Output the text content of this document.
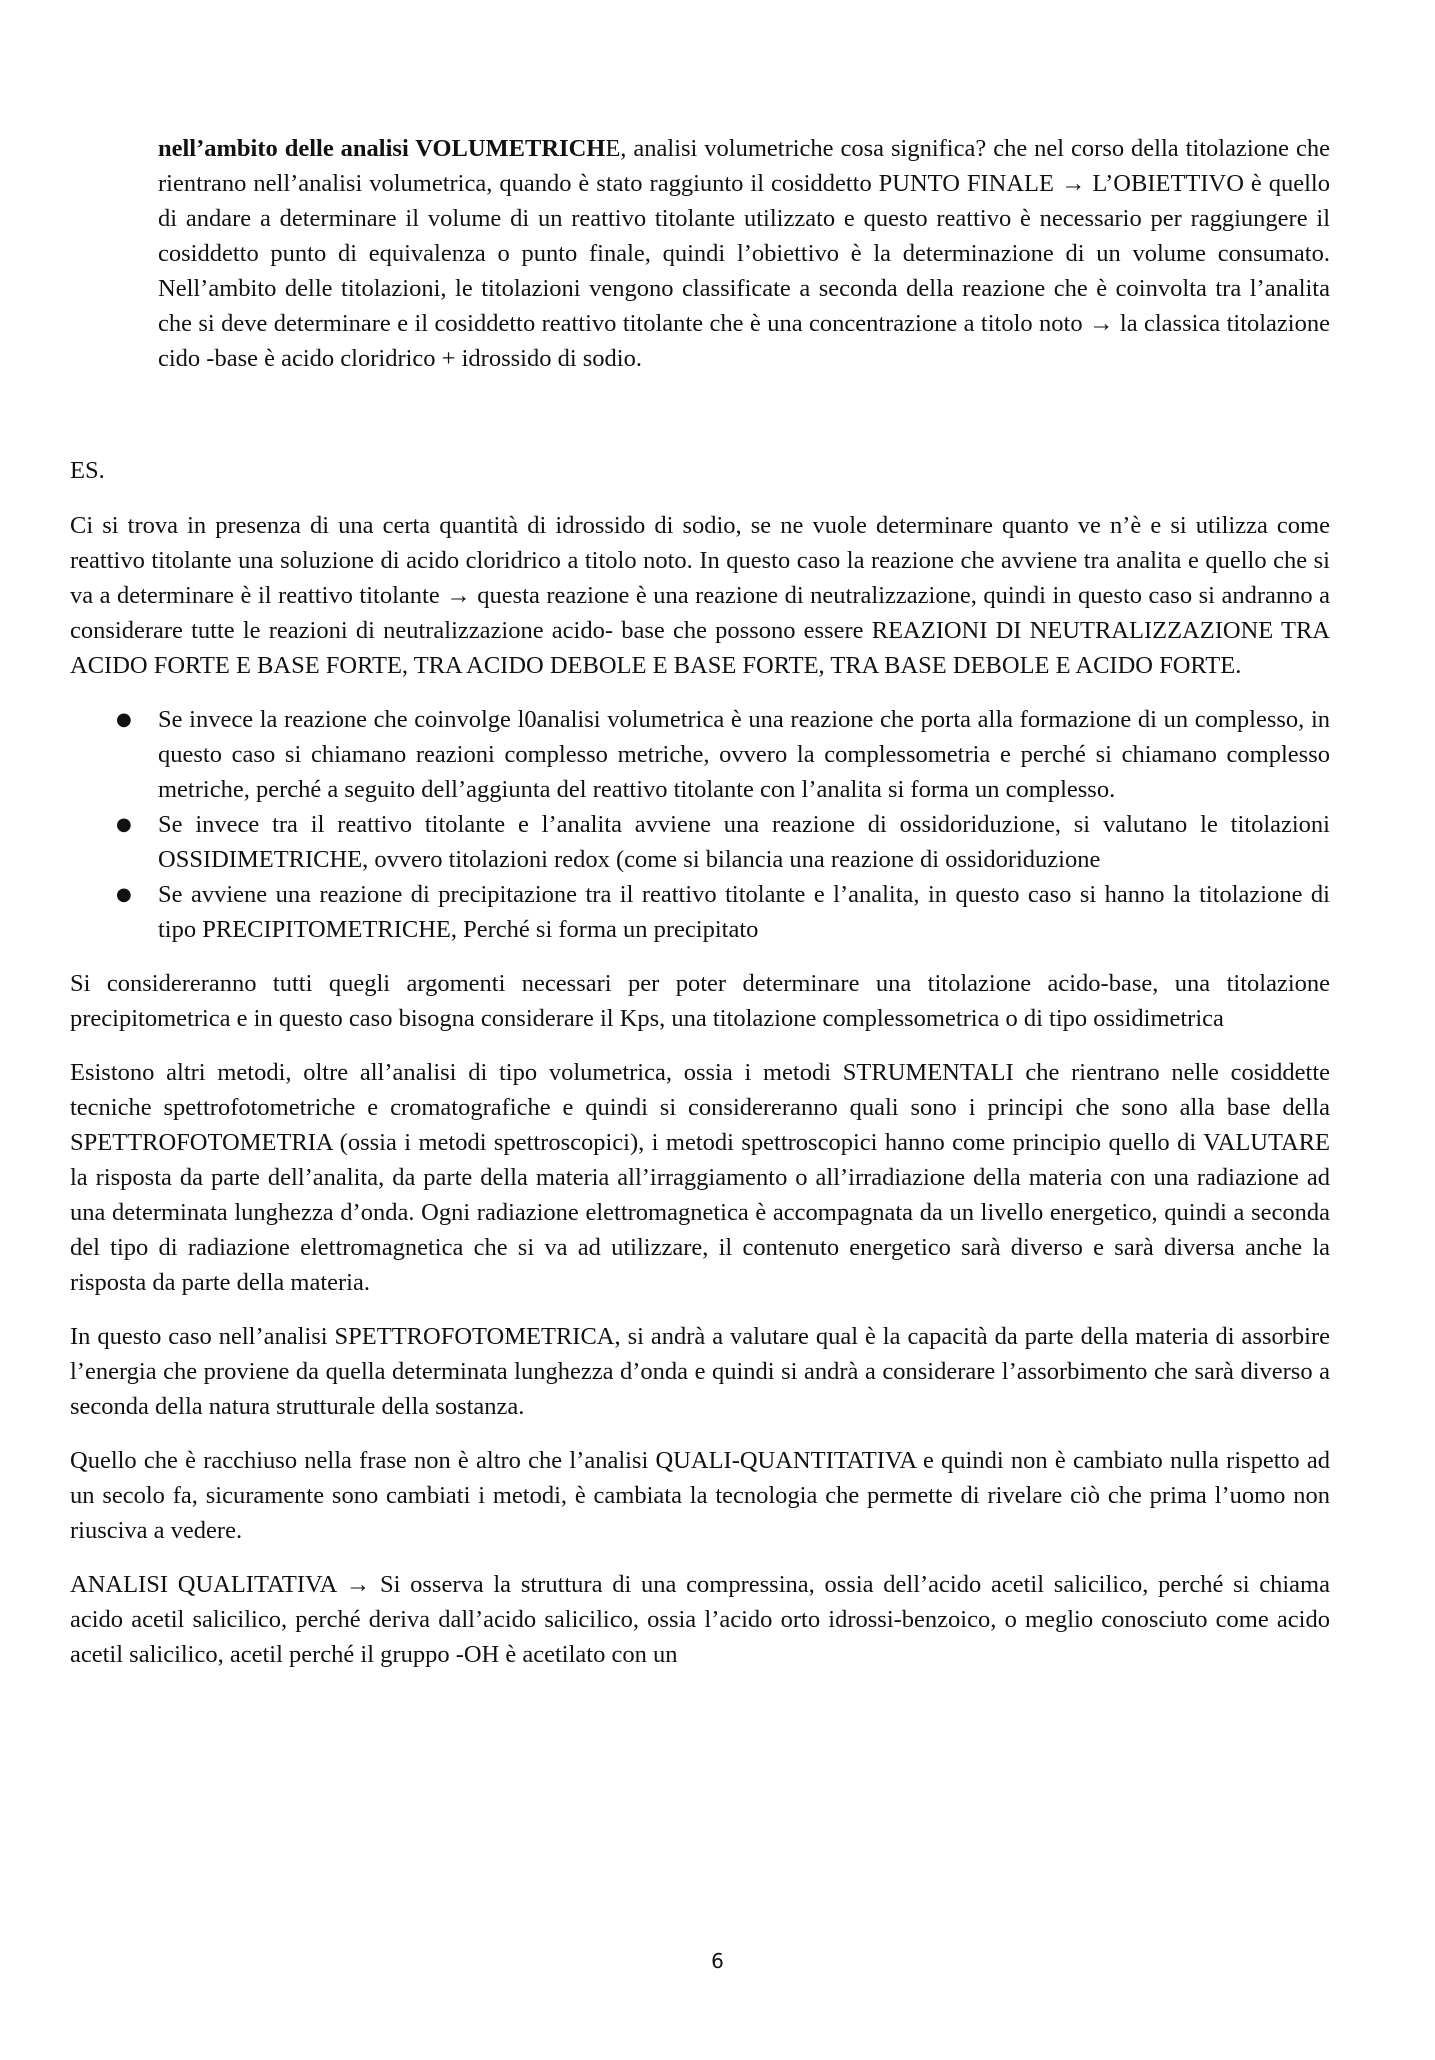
nell’ambito delle analisi VOLUMETRICHE, analisi volumetriche cosa significa? che nel corso della titolazione che rientrano nell’analisi volumetrica, quando è stato raggiunto il cosiddetto PUNTO FINALE → L’OBIETTIVO è quello di andare a determinare il volume di un reattivo titolante utilizzato e questo reattivo è necessario per raggiungere il cosiddetto punto di equivalenza o punto finale, quindi l’obiettivo è la determinazione di un volume consumato. Nell’ambito delle titolazioni, le titolazioni vengono classificate a seconda della reazione che è coinvolta tra l’analita che si deve determinare e il cosiddetto reattivo titolante che è una concentrazione a titolo noto → la classica titolazione cido -base è acido cloridrico + idrossido di sodio.

ES.

Ci si trova in presenza di una certa quantità di idrossido di sodio, se ne vuole determinare quanto ve n’è e si utilizza come reattivo titolante una soluzione di acido cloridrico a titolo noto. In questo caso la reazione che avviene tra analita e quello che si va a determinare è il reattivo titolante → questa reazione è una reazione di neutralizzazione, quindi in questo caso si andranno a considerare tutte le reazioni di neutralizzazione acido- base che possono essere REAZIONI DI NEUTRALIZZAZIONE TRA ACIDO FORTE E BASE FORTE, TRA ACIDO DEBOLE E BASE FORTE, TRA BASE DEBOLE E ACIDO FORTE.

● Se invece la reazione che coinvolge l0analisi volumetrica è una reazione che porta alla formazione di un complesso, in questo caso si chiamano reazioni complesso metriche, ovvero la complessometria e perché si chiamano complesso metriche, perché a seguito dell’aggiunta del reattivo titolante con l’analita si forma un complesso.
● Se invece tra il reattivo titolante e l’analita avviene una reazione di ossidoriduzione, si valutano le titolazioni OSSIDIMETRICHE, ovvero titolazioni redox (come si bilancia una reazione di ossidoriduzione
● Se avviene una reazione di precipitazione tra il reattivo titolante e l’analita, in questo caso si hanno la titolazione di tipo PRECIPITOMETRICHE, Perché si forma un precipitato

Si considereranno tutti quegli argomenti necessari per poter determinare una titolazione acido-base, una titolazione precipitometrica e in questo caso bisogna considerare il Kps, una titolazione complessometrica o di tipo ossidimetrica

Esistono altri metodi, oltre all’analisi di tipo volumetrica, ossia i metodi STRUMENTALI che rientrano nelle cosiddette tecniche spettrofotometriche e cromatografiche e quindi si considereranno quali sono i principi che sono alla base della SPETTROFOTOMETRIA (ossia i metodi spettroscopici), i metodi spettroscopici hanno come principio quello di VALUTARE la risposta da parte dell’analita, da parte della materia all’irraggiamento o all’irradiazione della materia con una radiazione ad una determinata lunghezza d’onda. Ogni radiazione elettromagnetica è accompagnata da un livello energetico, quindi a seconda del tipo di radiazione elettromagnetica che si va ad utilizzare, il contenuto energetico sarà diverso e sarà diversa anche la risposta da parte della materia.

In questo caso nell’analisi SPETTROFOTOMETRICA, si andrà a valutare qual è la capacità da parte della materia di assorbire l’energia che proviene da quella determinata lunghezza d’onda e quindi si andrà a considerare l’assorbimento che sarà diverso a seconda della natura strutturale della sostanza.

Quello che è racchiuso nella frase non è altro che l’analisi QUALI-QUANTITATIVA e quindi non è cambiato nulla rispetto ad un secolo fa, sicuramente sono cambiati i metodi, è cambiata la tecnologia che permette di rivelare ciò che prima l’uomo non riusciva a vedere.

ANALISI QUALITATIVA → Si osserva la struttura di una compressina, ossia dell’acido acetil salicilico, perché si chiama acido acetil salicilico, perché deriva dall’acido salicilico, ossia l’acido orto idrossi-benzoico, o meglio conosciuto come acido acetil salicilico, acetil perché il gruppo -OH è acetilato con un

6
